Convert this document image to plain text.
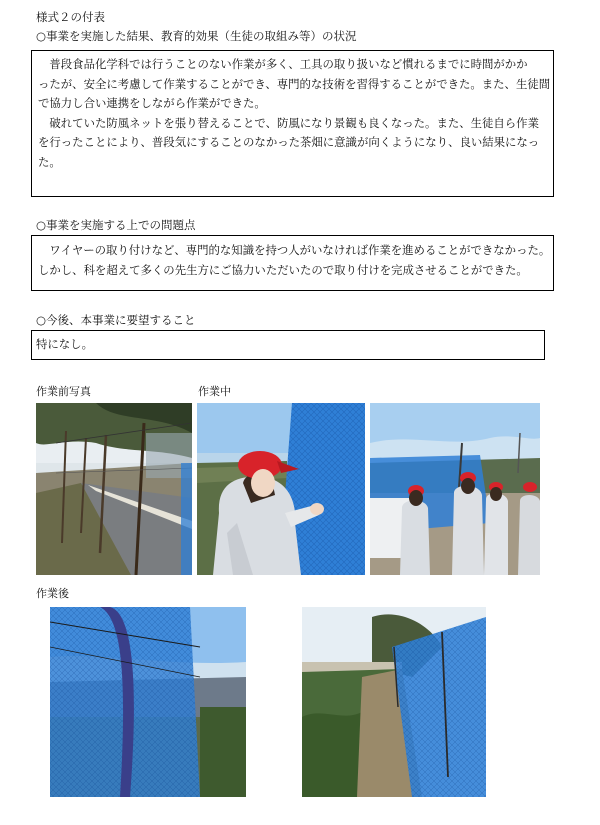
様式２の付表
○事業を実施した結果、教育的効果（生徒の取組み等）の状況
　普段食品化学科では行うことのない作業が多く、工具の取り扱いなど慣れるまでに時間がかか
ったが、安全に考慮して作業することができ、専門的な技術を習得することができた。また、生徒間
で協力し合い連携をしながら作業ができた。
　破れていた防風ネットを張り替えることで、防風になり景観も良くなった。また、生徒自ら作業
を行ったことにより、普段気にすることのなかった茶畑に意識が向くようになり、良い結果になっ
た。
○事業を実施する上での問題点
　ワイヤーの取り付けなど、専門的な知識を持つ人がいなければ作業を進めることができなかった。
しかし、科を超えて多くの先生方にご協力いただいたので取り付けを完成させることができた。
○今後、本事業に要望すること
特になし。
作業前写真	作業中
作業後
